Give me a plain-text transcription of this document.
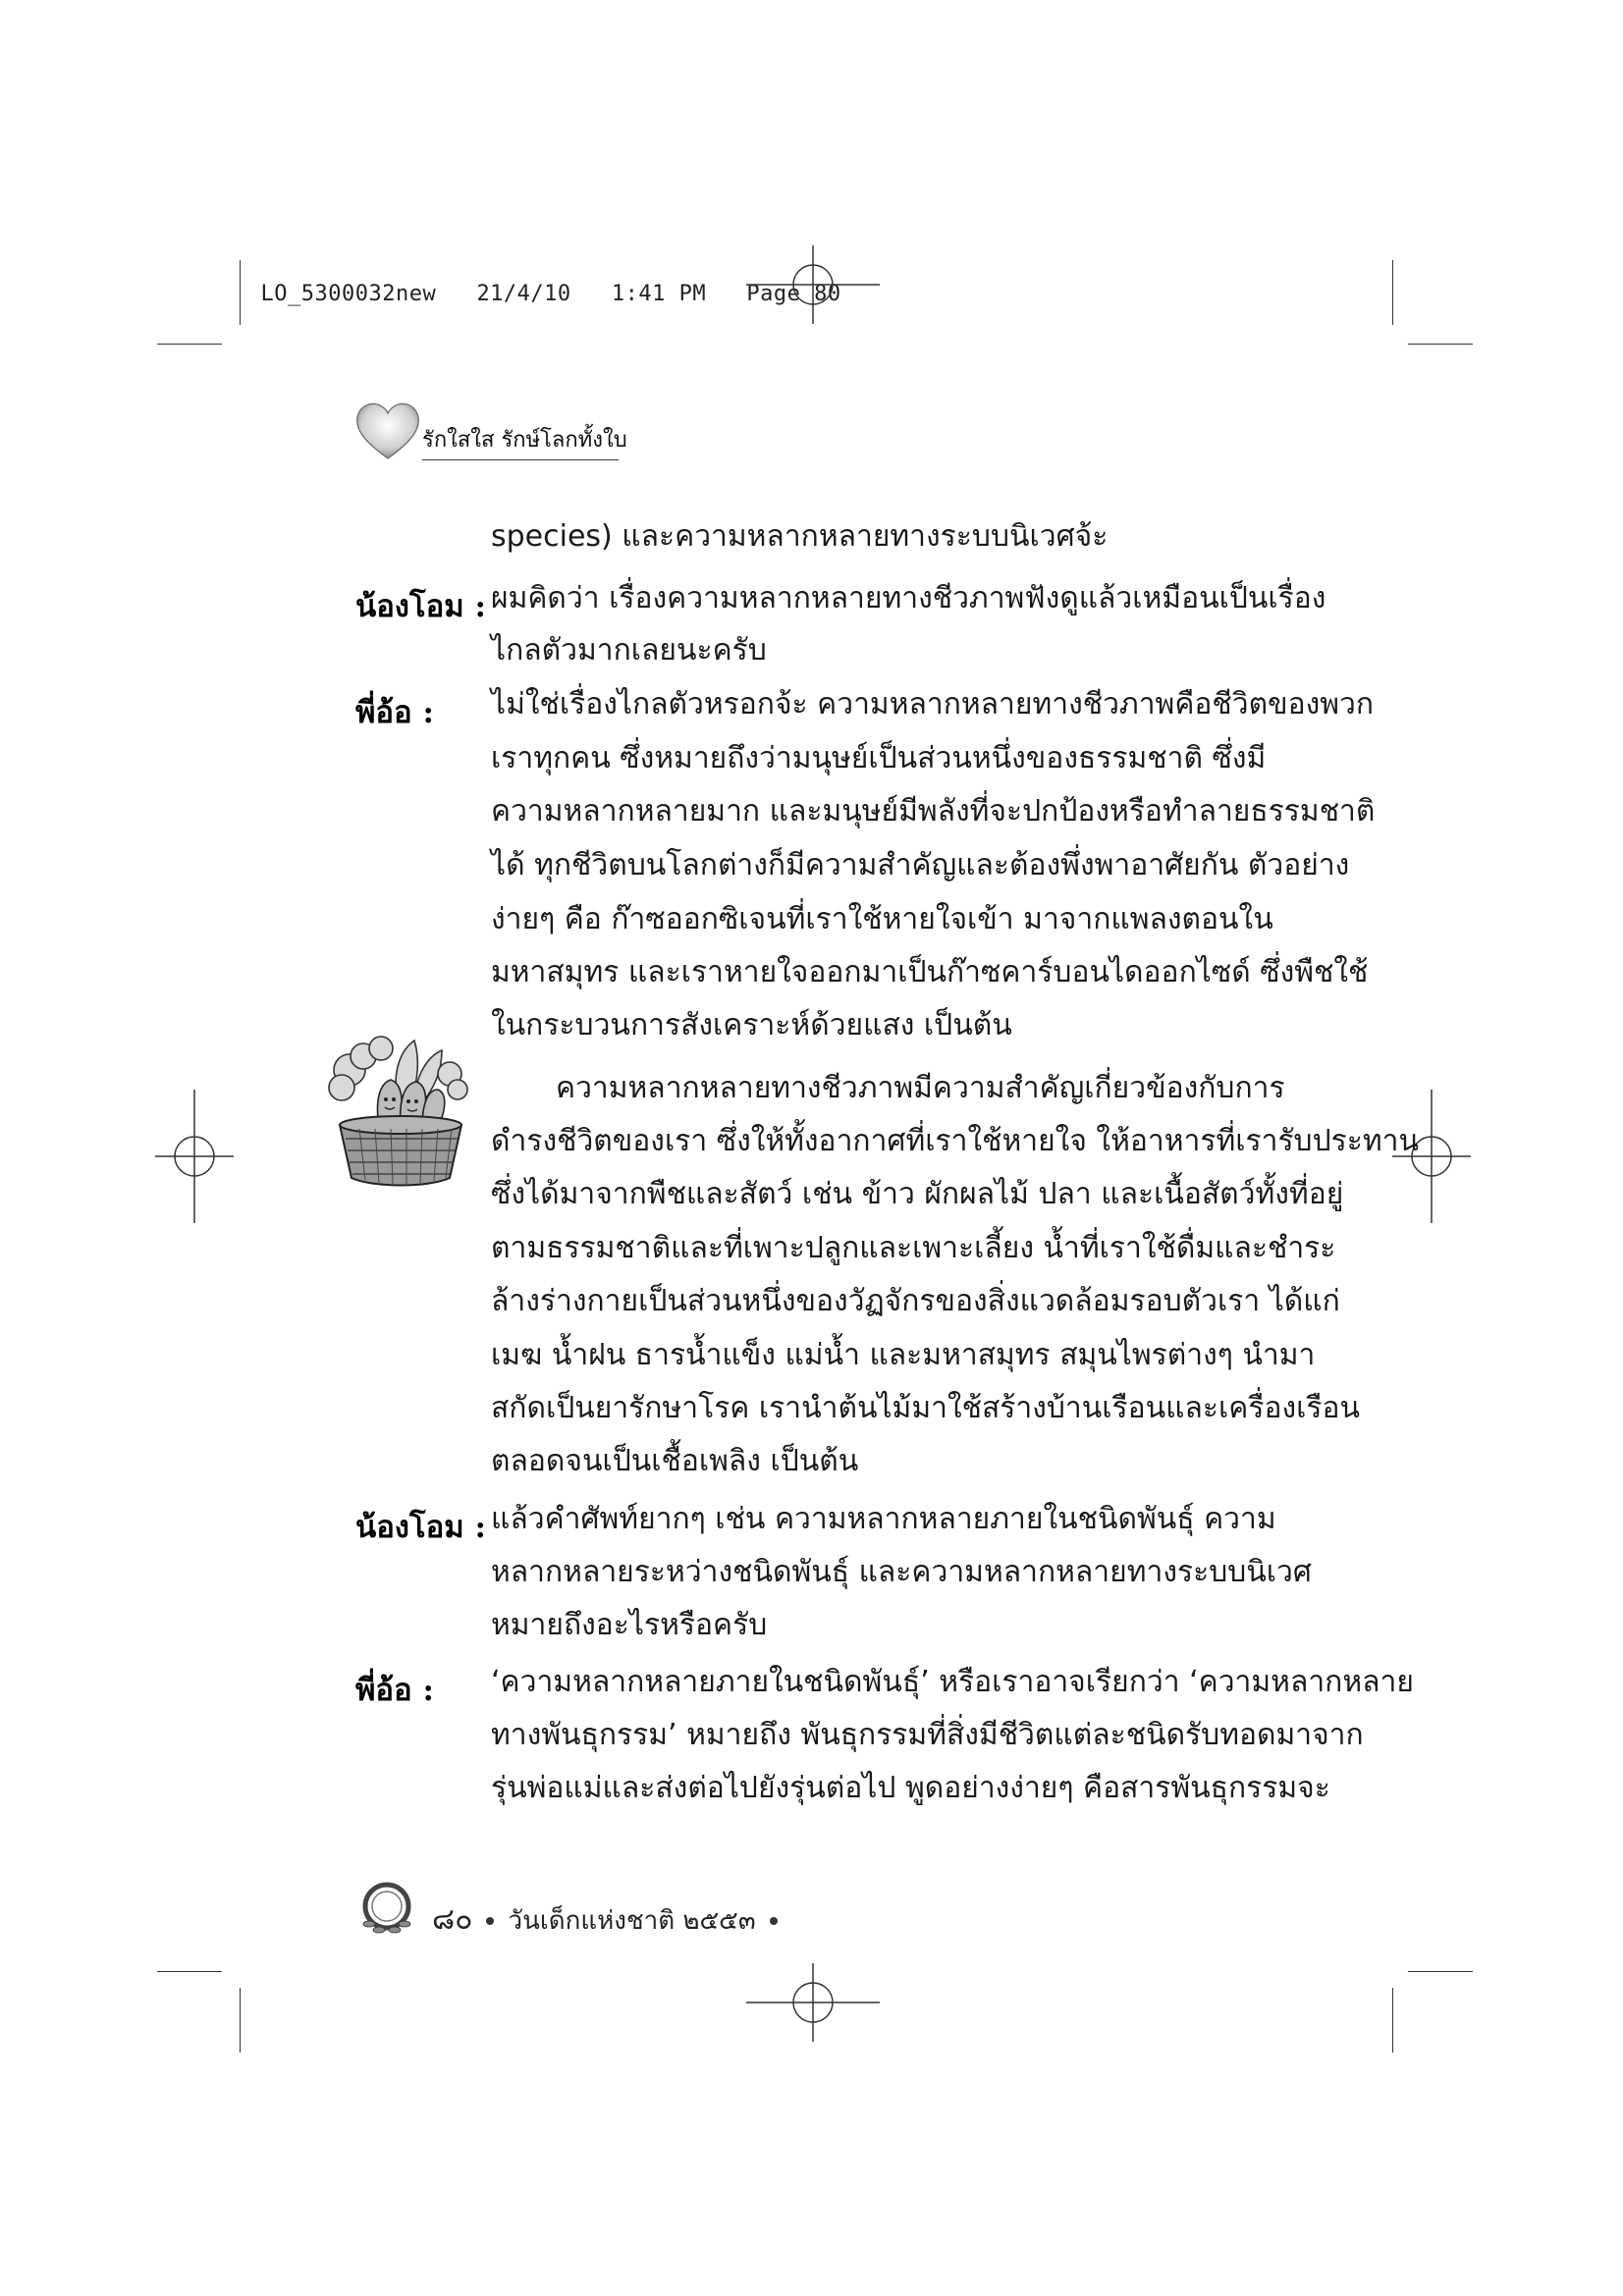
LO_5300032new 21/4/10 1:41 PM Page 80

รักใสใส รักษ์โลกทั้งใบ
species) และความหลากหลายทางระบบนิเวศจ้ะ
น้องโอม : ผมคิดว่า เรื่องความหลากหลายทางชีวภาพฟังดูแล้วเหมือนเป็นเรื่อง
ไกลตัวมากเลยนะครับ
พี่อ้อ : ไม่ใช่เรื่องไกลตัวหรอกจ้ะ ความหลากหลายทางชีวภาพคือชีวิตของพวก
เราทุกคน ซึ่งหมายถึงว่ามนุษย์เป็นส่วนหนึ่งของธรรมชาติ ซึ่งมี
ความหลากหลายมาก และมนุษย์มีพลังที่จะปกป้องหรือทำลายธรรมชาติ
ได้ ทุกชีวิตบนโลกต่างก็มีความสำคัญและต้องพึ่งพาอาศัยกัน ตัวอย่าง
ง่ายๆ คือ ก๊าซออกซิเจนที่เราใช้หายใจเข้า มาจากแพลงตอนใน
มหาสมุทร และเราหายใจออกมาเป็นก๊าซคาร์บอนไดออกไซด์ ซึ่งพืชใช้
ในกระบวนการสังเคราะห์ด้วยแสง เป็นต้น
ความหลากหลายทางชีวภาพมีความสำคัญเกี่ยวข้องกับการ
ดำรงชีวิตของเรา ซึ่งให้ทั้งอากาศที่เราใช้หายใจ ให้อาหารที่เรารับประทาน
ซึ่งได้มาจากพืชและสัตว์ เช่น ข้าว ผักผลไม้ ปลา และเนื้อสัตว์ทั้งที่อยู่
ตามธรรมชาติและที่เพาะปลูกและเพาะเลี้ยง น้ำที่เราใช้ดื่มและชำระ
ล้างร่างกายเป็นส่วนหนึ่งของวัฏจักรของสิ่งแวดล้อมรอบตัวเรา ได้แก่
เมฆ น้ำฝน ธารน้ำแข็ง แม่น้ำ และมหาสมุทร สมุนไพรต่างๆ นำมา
สกัดเป็นยารักษาโรค เรานำต้นไม้มาใช้สร้างบ้านเรือนและเครื่องเรือน
ตลอดจนเป็นเชื้อเพลิง เป็นต้น
น้องโอม : แล้วคำศัพท์ยากๆ เช่น ความหลากหลายภายในชนิดพันธุ์ ความ
หลากหลายระหว่างชนิดพันธุ์ และความหลากหลายทางระบบนิเวศ
หมายถึงอะไรหรือครับ
พี่อ้อ : ‘ความหลากหลายภายในชนิดพันธุ์’ หรือเราอาจเรียกว่า ‘ความหลากหลาย
ทางพันธุกรรม’ หมายถึง พันธุกรรมที่สิ่งมีชีวิตแต่ละชนิดรับทอดมาจาก
รุ่นพ่อแม่และส่งต่อไปยังรุ่นต่อไป พูดอย่างง่ายๆ คือสารพันธุกรรมจะ
๘๐ วันเด็กแห่งชาติ ๒๕๕๓
